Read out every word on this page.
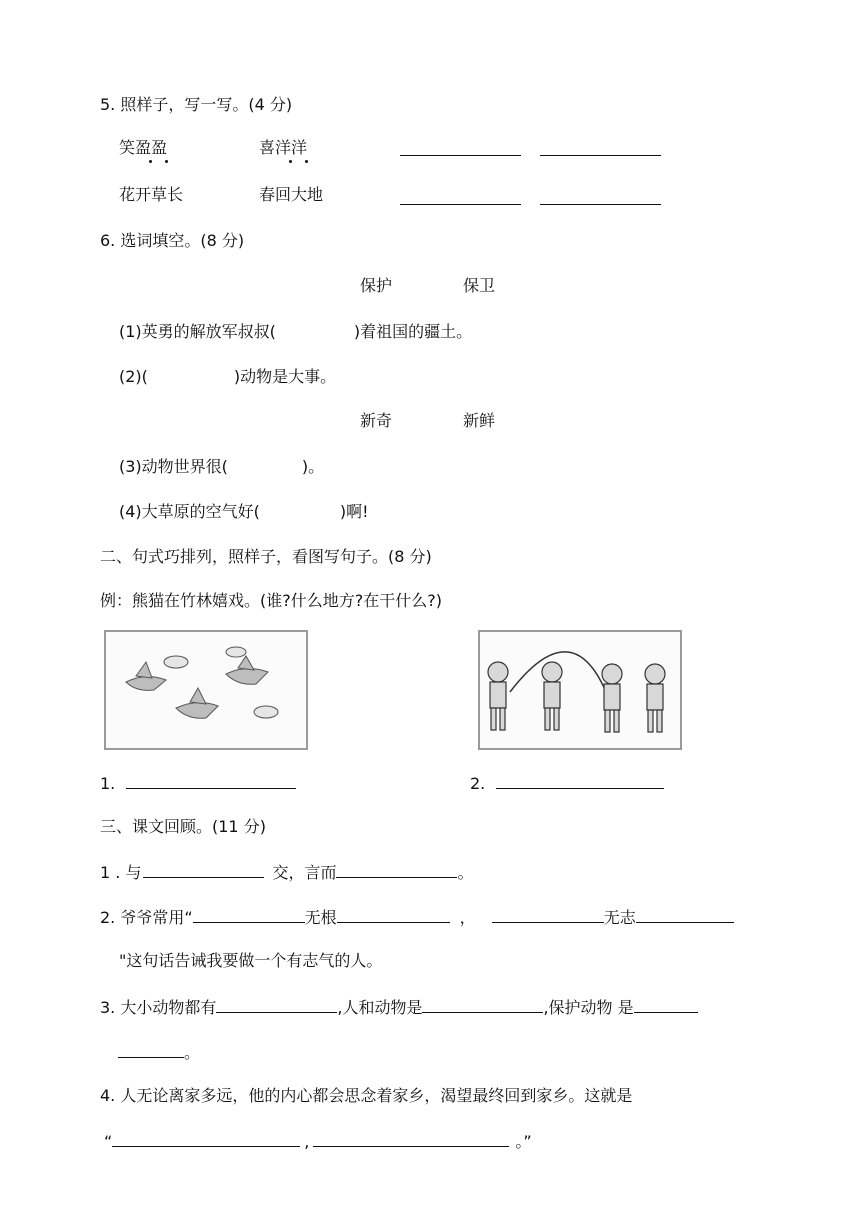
5. 照样子，写一写。(4 分)
笑盈盈	喜洋洋
花开草长	春回大地
6. 选词填空。(8 分)
保护	保卫
(1)英勇的解放军叔叔(	)着祖国的疆土。
(2)(	)动物是大事。
新奇	新鲜
(3)动物世界很(	)。
(4)大草原的空气好(	)啊!
二、句式巧排列，照样子，看图写句子。(8 分)
例：熊猫在竹林嬉戏。(谁?什么地方?在干什么?)
1.	2.
三、课文回顾。(11 分)
1 . 与	交，言而	。
2. 爷爷常用“	无根	，	无志
"这句话告诫我要做一个有志气的人。
3. 大小动物都有	,人和动物是	,保护动物 是
。
4. 人无论离家多远，他的内心都会思念着家乡，渴望最终回到家乡。这就是
“	,	。”
